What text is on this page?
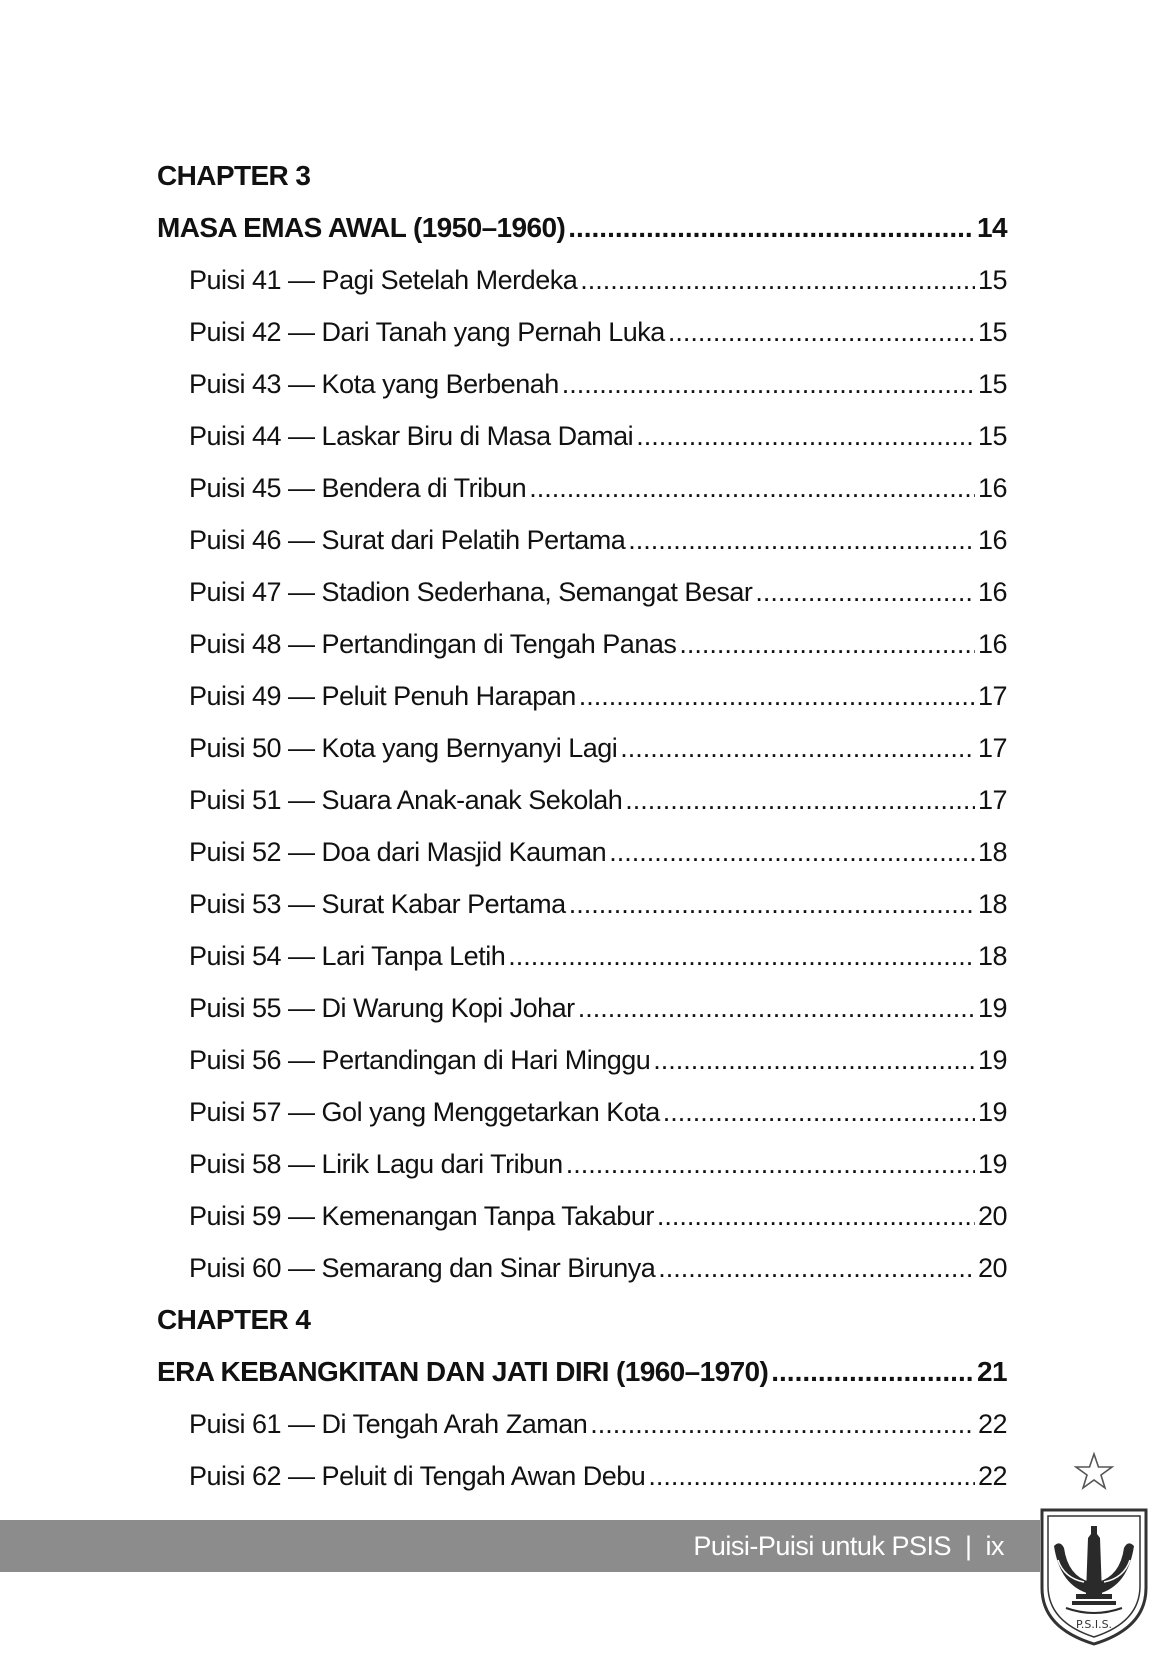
CHAPTER 3
MASA EMAS AWAL (1950–1960) .....	14
Puisi 41 — Pagi Setelah Merdeka .....	15
Puisi 42 — Dari Tanah yang Pernah Luka .....	15
Puisi 43 — Kota yang Berbenah .....	15
Puisi 44 — Laskar Biru di Masa Damai .....	15
Puisi 45 — Bendera di Tribun .....	16
Puisi 46 — Surat dari Pelatih Pertama .....	16
Puisi 47 — Stadion Sederhana, Semangat Besar .....	16
Puisi 48 — Pertandingan di Tengah Panas .....	16
Puisi 49 — Peluit Penuh Harapan .....	17
Puisi 50 — Kota yang Bernyanyi Lagi .....	17
Puisi 51 — Suara Anak-anak Sekolah .....	17
Puisi 52 — Doa dari Masjid Kauman .....	18
Puisi 53 — Surat Kabar Pertama .....	18
Puisi 54 — Lari Tanpa Letih .....	18
Puisi 55 — Di Warung Kopi Johar .....	19
Puisi 56 — Pertandingan di Hari Minggu .....	19
Puisi 57 — Gol yang Menggetarkan Kota .....	19
Puisi 58 — Lirik Lagu dari Tribun .....	19
Puisi 59 — Kemenangan Tanpa Takabur .....	20
Puisi 60 — Semarang dan Sinar Birunya .....	20
CHAPTER 4
ERA KEBANGKITAN DAN JATI DIRI (1960–1970) .....	21
Puisi 61 — Di Tengah Arah Zaman .....	22
Puisi 62 — Peluit di Tengah Awan Debu .....	22
Puisi-Puisi untuk PSIS | ix
P.S.I.S.
